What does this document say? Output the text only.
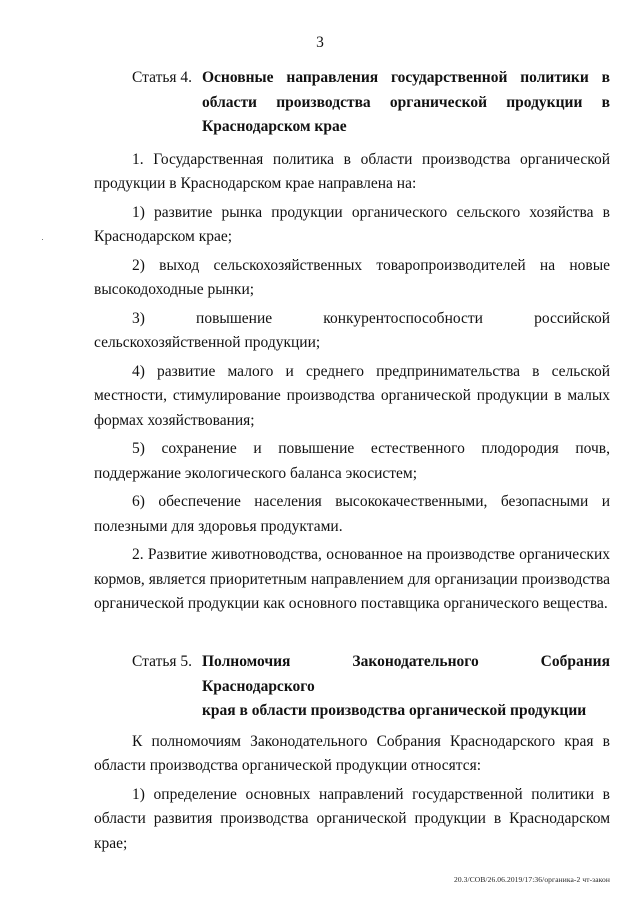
3
Статья 4. Основные направления государственной политики в области производства органической продукции в Краснодарском крае

1. Государственная политика в области производства органической продукции в Краснодарском крае направлена на:

1) развитие рынка продукции органического сельского хозяйства в Краснодарском крае;

2) выход сельскохозяйственных товаропроизводителей на новые высокодоходные рынки;

3) повышение конкурентоспособности российской сельскохозяйственной продукции;

4) развитие малого и среднего предпринимательства в сельской местности, стимулирование производства органической продукции в малых формах хозяйствования;

5) сохранение и повышение естественного плодородия почв, поддержание экологического баланса экосистем;

6) обеспечение населения высококачественными, безопасными и полезными для здоровья продуктами.

2. Развитие животноводства, основанное на производстве органических кормов, является приоритетным направлением для организации производства органической продукции как основного поставщика органического вещества.

Статья 5. Полномочия Законодательного Собрания Краснодарского
края в области производства органической продукции

К полномочиям Законодательного Собрания Краснодарского края в области производства органической продукции относятся:

1) определение основных направлений государственной политики в области развития производства органической продукции в Краснодарском крае;

20.3/СОВ/26.06.2019/17:36/органика-2 чт-закон
